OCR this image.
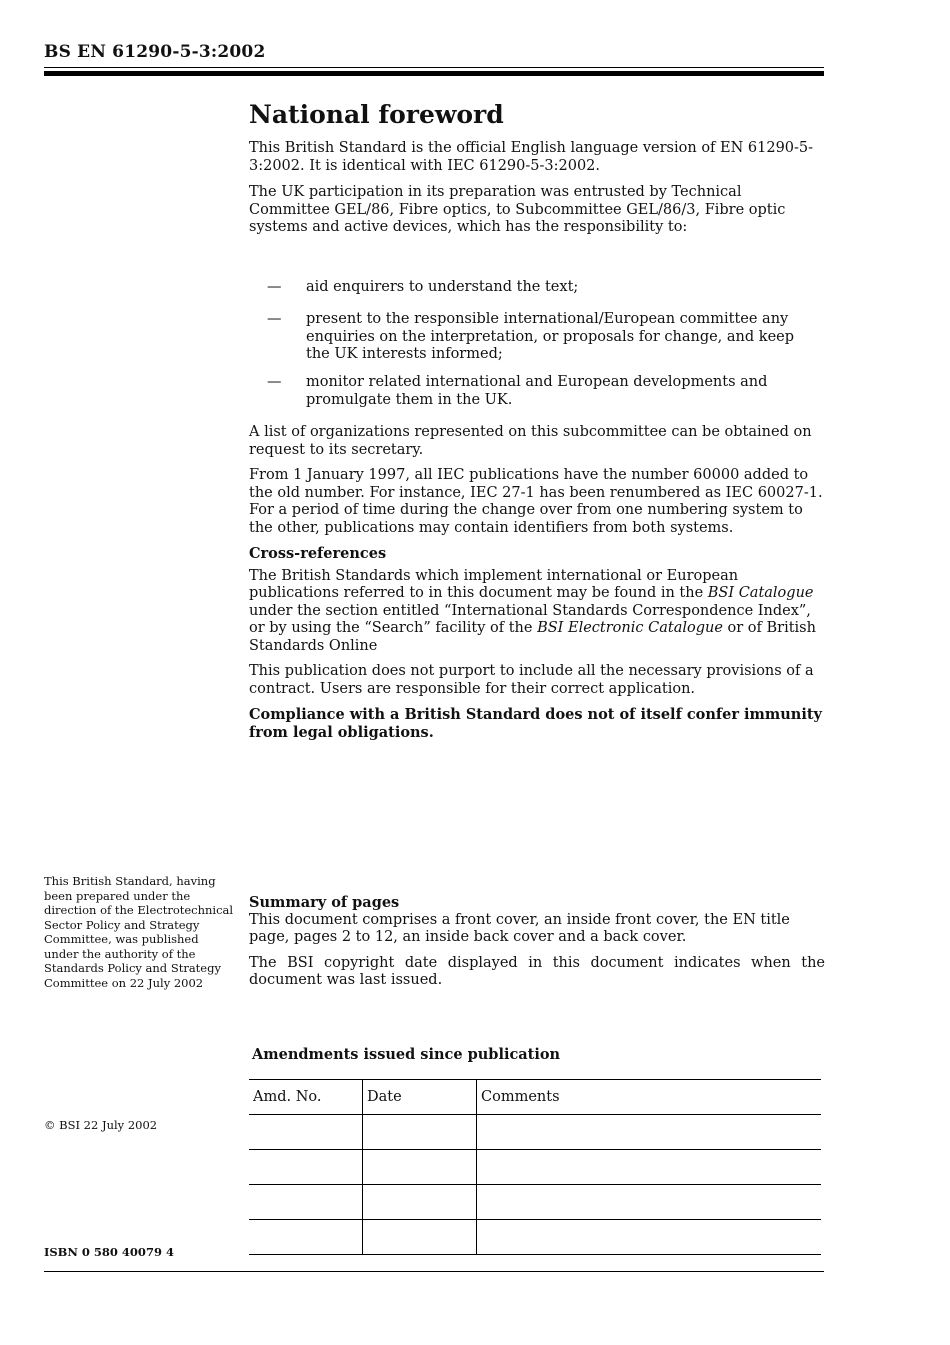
BS EN 61290-5-3:2002
National foreword

This British Standard is the official English language version of EN 61290-5-3:2002. It is identical with IEC 61290-5-3:2002.

The UK participation in its preparation was entrusted by Technical Committee GEL/86, Fibre optics, to Subcommittee GEL/86/3, Fibre optic systems and active devices, which has the responsibility to:

— aid enquirers to understand the text;
— present to the responsible international/European committee any enquiries on the interpretation, or proposals for change, and keep the UK interests informed;
— monitor related international and European developments and promulgate them in the UK.

A list of organizations represented on this subcommittee can be obtained on request to its secretary.

From 1 January 1997, all IEC publications have the number 60000 added to the old number. For instance, IEC 27-1 has been renumbered as IEC 60027-1. For a period of time during the change over from one numbering system to the other, publications may contain identifiers from both systems.

Cross-references

The British Standards which implement international or European publications referred to in this document may be found in the BSI Catalogue under the section entitled “International Standards Correspondence Index”, or by using the “Search” facility of the BSI Electronic Catalogue or of British Standards Online

This publication does not purport to include all the necessary provisions of a contract. Users are responsible for their correct application.

Compliance with a British Standard does not of itself confer immunity from legal obligations.

This British Standard, having been prepared under the direction of the Electrotechnical Sector Policy and Strategy Committee, was published under the authority of the Standards Policy and Strategy Committee on 22 July 2002

Summary of pages

This document comprises a front cover, an inside front cover, the EN title page, pages 2 to 12, an inside back cover and a back cover.

The BSI copyright date displayed in this document indicates when the document was last issued.

Amendments issued since publication
Amd. No.	Date	Comments

© BSI 22 July 2002
ISBN 0 580 40079 4
